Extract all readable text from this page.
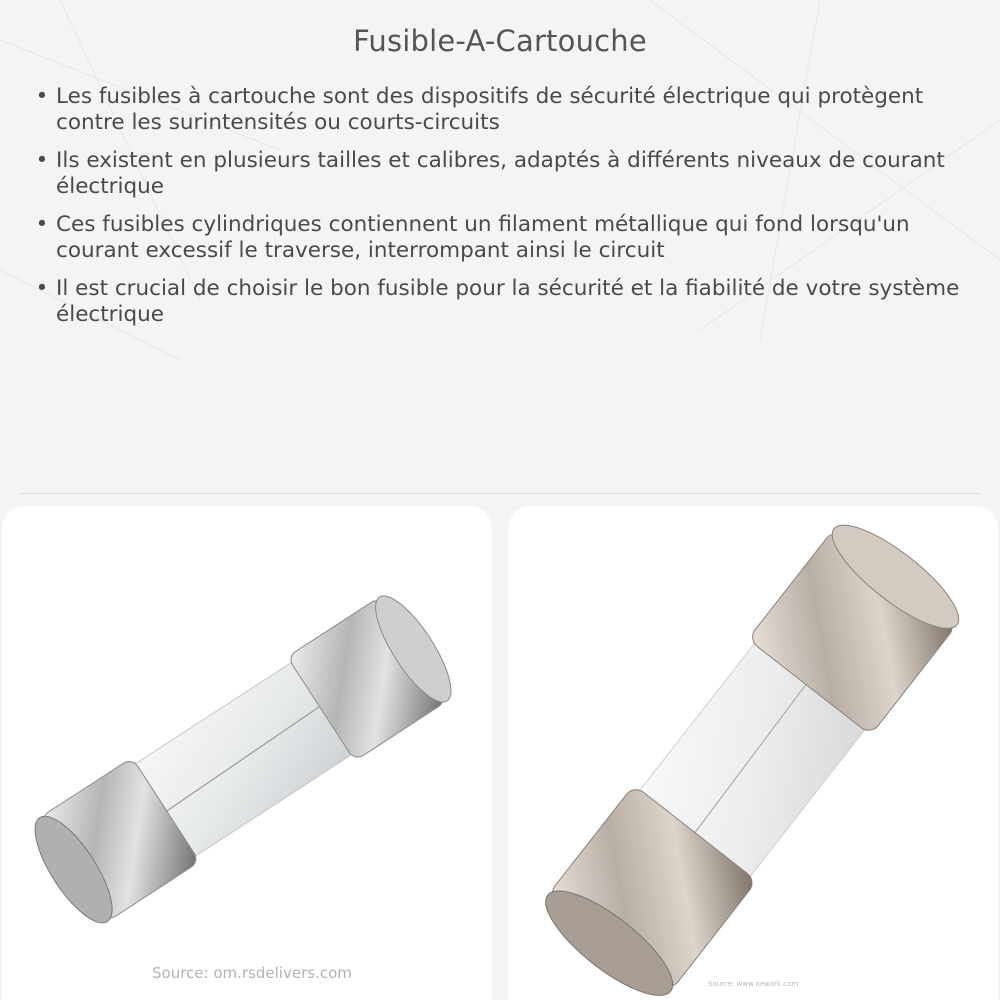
Fusible-A-Cartouche
• Les fusibles à cartouche sont des dispositifs de sécurité électrique qui protègent contre les surintensités ou courts-circuits
• Ils existent en plusieurs tailles et calibres, adaptés à différents niveaux de courant électrique
• Ces fusibles cylindriques contiennent un filament métallique qui fond lorsqu'un courant excessif le traverse, interrompant ainsi le circuit
• Il est crucial de choisir le bon fusible pour la sécurité et la fiabilité de votre système électrique
Source: om.rsdelivers.com
Source: www.newark.com
